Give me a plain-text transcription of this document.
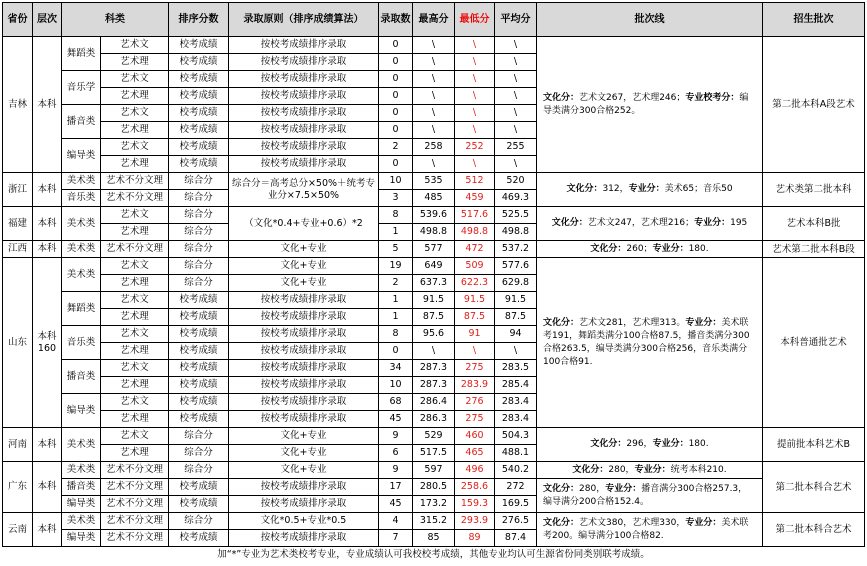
省份	层次	科类		排序分数	录取原则（排序成绩算法）	录取数	最高分	最低分	平均分	批次线	招生批次
吉林	本科	舞蹈类	艺术文	校考成绩	按校考成绩排序录取	0	\	\	\	文化分：艺术文267，艺术理246；专业校考分：编导类满分300合格252。	第二批本科A段艺术
			艺术理	校考成绩	按校考成绩排序录取	0	\	\	\		
		音乐学	艺术文	校考成绩	按校考成绩排序录取	0	\	\	\		
			艺术理	校考成绩	按校考成绩排序录取	0	\	\	\		
		播音类	艺术文	校考成绩	按校考成绩排序录取	0	\	\	\		
			艺术理	校考成绩	按校考成绩排序录取	0	\	\	\		
		编导类	艺术文	校考成绩	按校考成绩排序录取	2	258	252	255		
			艺术理	校考成绩	按校考成绩排序录取	0	\	\	\		
浙江	本科	美术类	艺术不分文理	综合分	综合分＝高考总分×50%＋统考专业分×7.5×50%	10	535	512	520	文化分：312，专业分：美术65；音乐50	艺术类第二批本科
		音乐类	艺术不分文理	综合分		3	485	459	469.3		
福建	本科	美术类	艺术文	综合分	（文化*0.4+专业+0.6）*2	8	539.6	517.6	525.5	文化分：艺术文247，艺术理216；专业分：195	艺术本科B批
			艺术理	综合分		1	498.8	498.8	498.8		
江西	本科	美术类	艺术不分文理	综合分	文化+专业	5	577	472	537.2	文化分：260；专业分：180.	艺术第二批本科B段
山东	本科160	美术类	艺术文	综合分	文化+专业	19	649	509	577.6	文化分：艺术文281，艺术理313。专业分：美术联考191，舞蹈类满分100合格87.5，播音类满分300合格263.5，编导类满分300合格256，音乐类满分100合格91.	本科普通批艺术
			艺术理	综合分	文化+专业	2	637.3	622.3	629.8		
		舞蹈类	艺术文	校考成绩	按校考成绩排序录取	1	91.5	91.5	91.5		
			艺术理	校考成绩	按校考成绩排序录取	1	87.5	87.5	87.5		
		音乐类	艺术文	校考成绩	按校考成绩排序录取	8	95.6	91	94		
			艺术理	校考成绩	按校考成绩排序录取	0	\	\	\		
		播音类	艺术文	校考成绩	按校考成绩排序录取	34	287.3	275	283.5		
			艺术理	校考成绩	按校考成绩排序录取	10	287.3	283.9	285.4		
		编导类	艺术文	校考成绩	按校考成绩排序录取	68	286.4	276	283.4		
			艺术理	校考成绩	按校考成绩排序录取	45	286.3	275	283.4		
河南	本科	美术类	艺术文	综合分	文化+专业	9	529	460	504.3	文化分：296，专业分：180.	提前批本科艺术B
			艺术理	综合分	文化+专业	6	517.5	465	488.1		
广东	本科	美术类	艺术不分文理	综合分	文化+专业	9	597	496	540.2	文化分：280，专业分：统考本科210.	第二批本科合艺术
		播音类	艺术不分文理	校考成绩	按校考成绩排序录取	17	280.5	258.6	272	文化分：280，专业分：播音满分300合格257.3，编导满分200合格152.4。	
		编导类	艺术不分文理	校考成绩	按校考成绩排序录取	45	173.2	159.3	169.5		
云南	本科	美术类	艺术不分文理	综合分	文化*0.5+专业*0.5	4	315.2	293.9	276.5	文化分：艺术文380，艺术理330，专业分：美术联考200。编导满分100合格82.	第二批本科合艺术
		编导类	艺术不分文理	校考成绩	按校考成绩排序录取	7	85	89	87.4		
加“*”专业为艺术类校考专业，专业成绩认可我校校考成绩，其他专业均认可生源省份同类别联考成绩。
